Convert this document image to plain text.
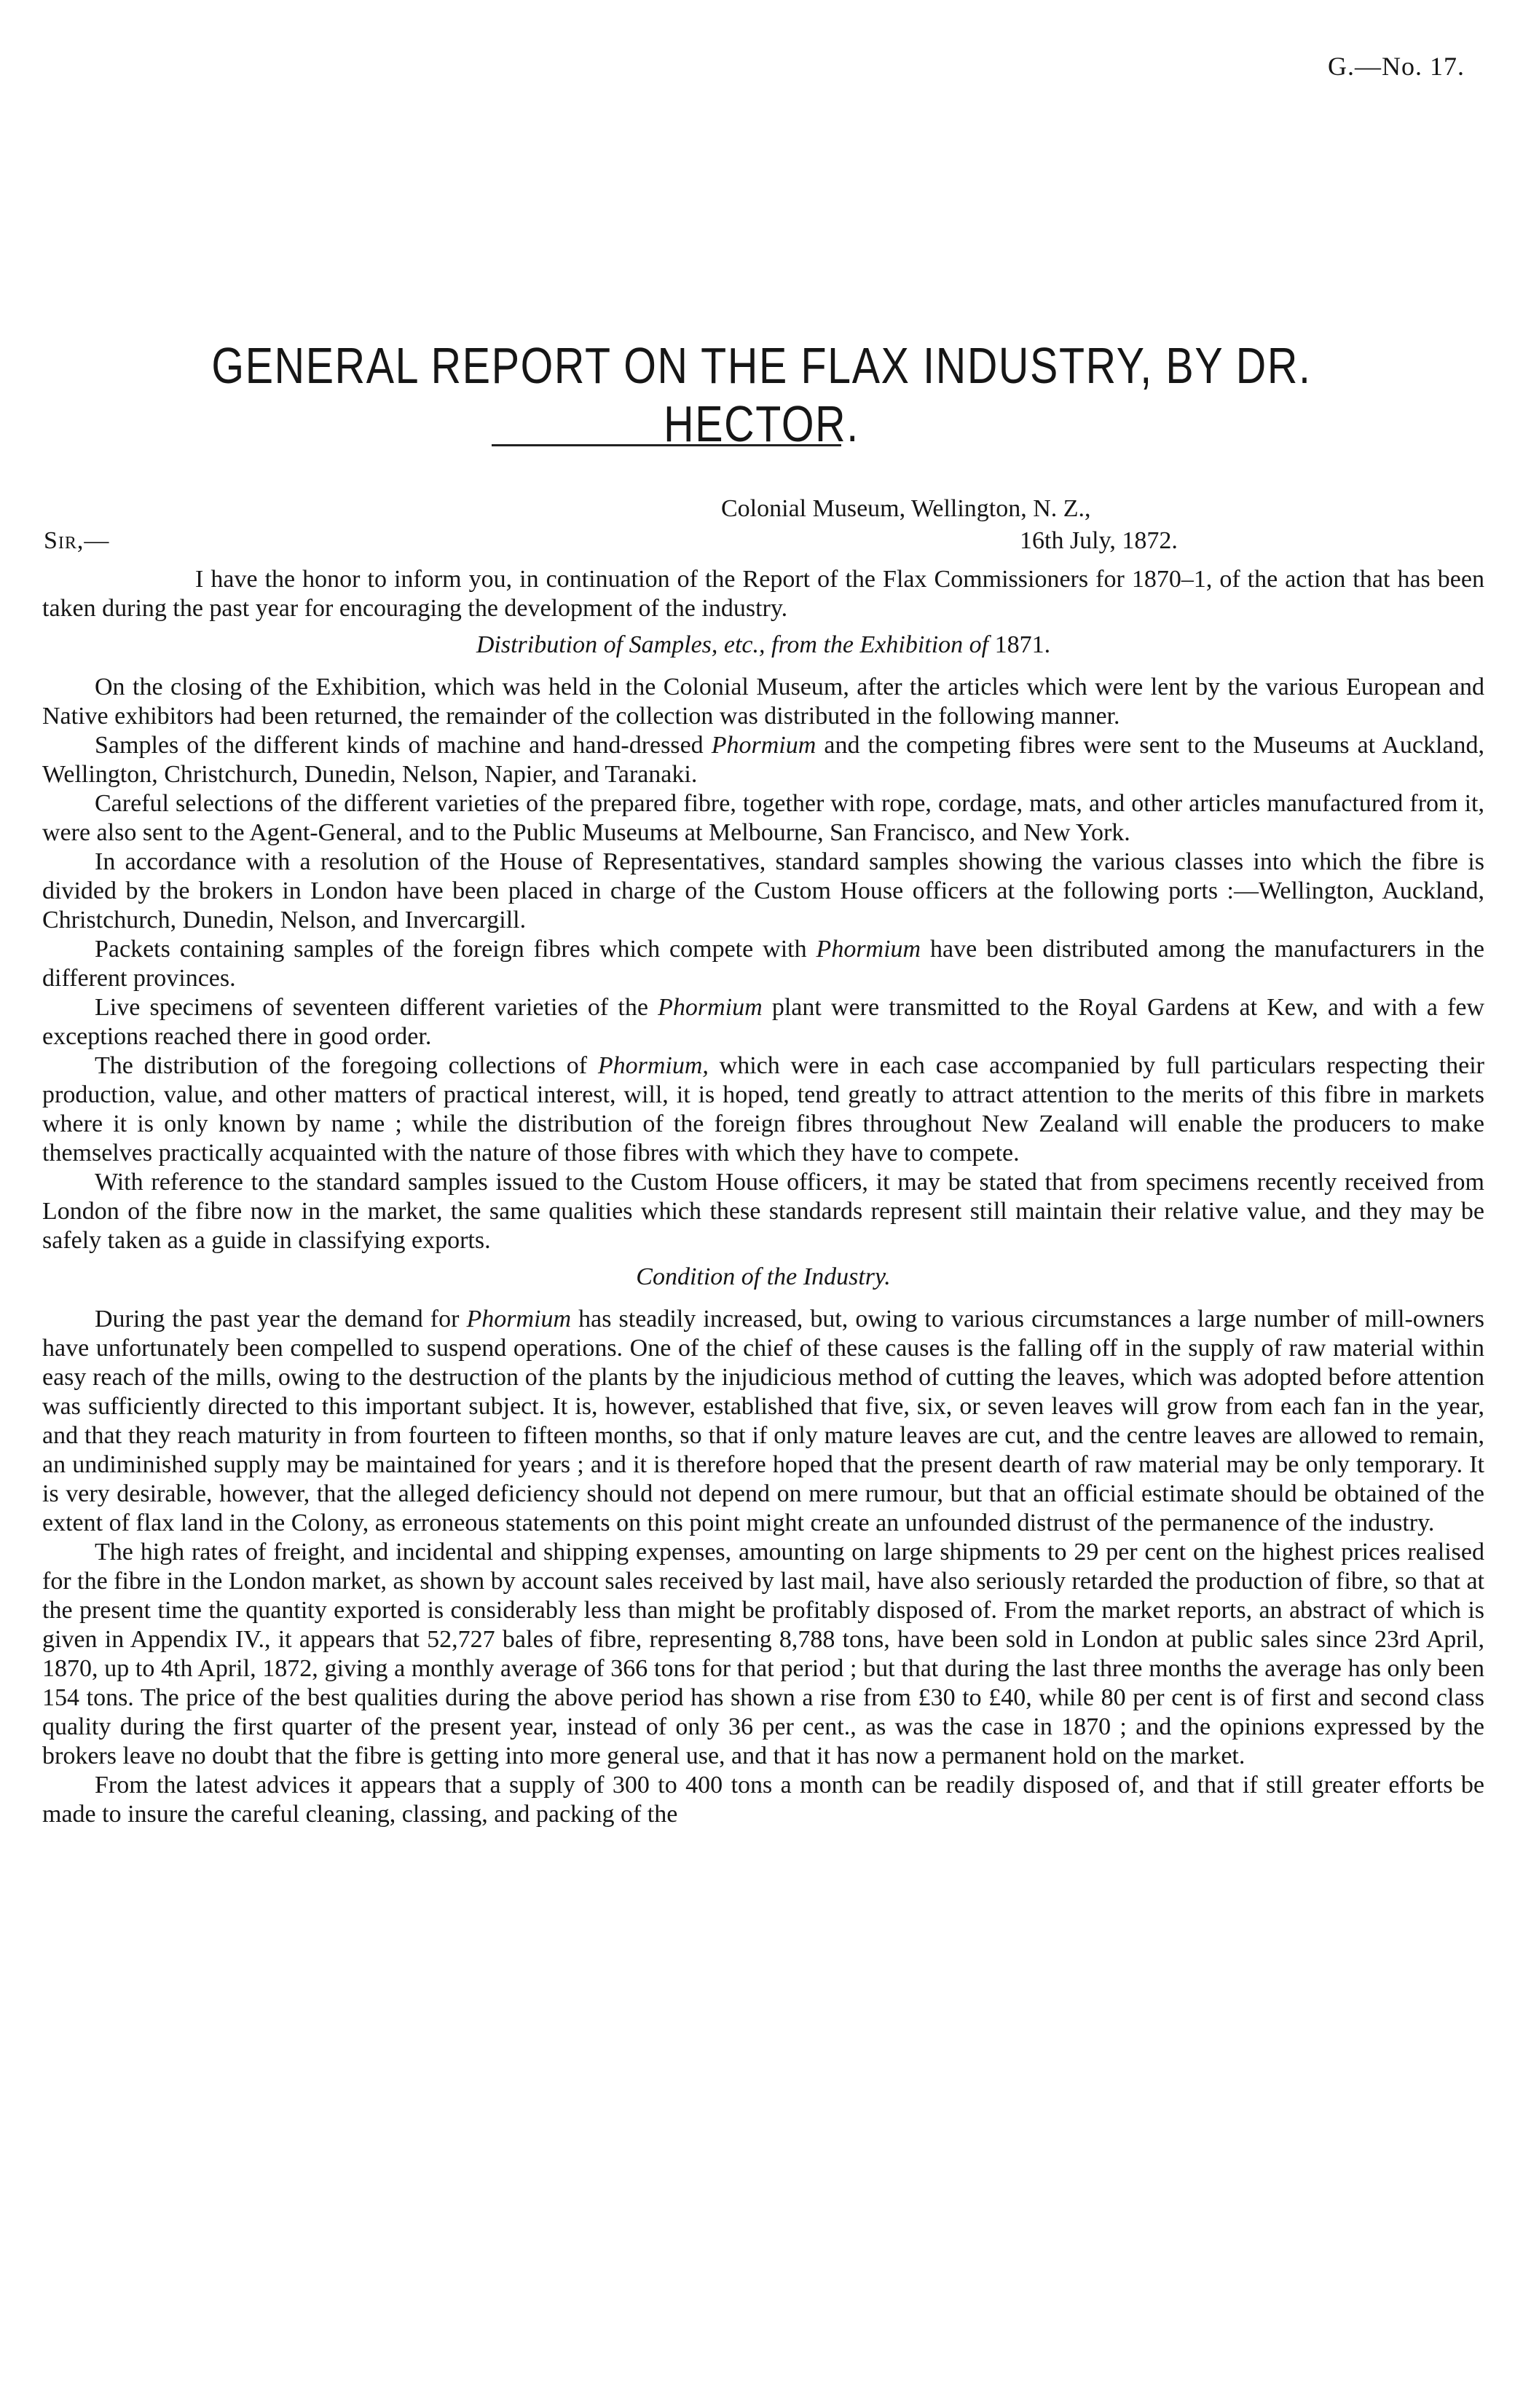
G.—No. 17.
GENERAL REPORT ON THE FLAX INDUSTRY, BY DR. HECTOR.
Colonial Museum, Wellington, N. Z.,
16th July, 1872.
Sir,—

I have the honor to inform you, in continuation of the Report of the Flax Commissioners for 1870–1, of the action that has been taken during the past year for encouraging the development of the industry.

Distribution of Samples, etc., from the Exhibition of 1871.

On the closing of the Exhibition, which was held in the Colonial Museum, after the articles which were lent by the various European and Native exhibitors had been returned, the remainder of the collection was distributed in the following manner.

Samples of the different kinds of machine and hand-dressed Phormium and the competing fibres were sent to the Museums at Auckland, Wellington, Christchurch, Dunedin, Nelson, Napier, and Taranaki.

Careful selections of the different varieties of the prepared fibre, together with rope, cordage, mats, and other articles manufactured from it, were also sent to the Agent-General, and to the Public Museums at Melbourne, San Francisco, and New York.

In accordance with a resolution of the House of Representatives, standard samples showing the various classes into which the fibre is divided by the brokers in London have been placed in charge of the Custom House officers at the following ports :—Wellington, Auckland, Christchurch, Dunedin, Nelson, and Invercargill.

Packets containing samples of the foreign fibres which compete with Phormium have been distributed among the manufacturers in the different provinces.

Live specimens of seventeen different varieties of the Phormium plant were transmitted to the Royal Gardens at Kew, and with a few exceptions reached there in good order.

The distribution of the foregoing collections of Phormium, which were in each case accompanied by full particulars respecting their production, value, and other matters of practical interest, will, it is hoped, tend greatly to attract attention to the merits of this fibre in markets where it is only known by name ; while the distribution of the foreign fibres throughout New Zealand will enable the producers to make themselves practically acquainted with the nature of those fibres with which they have to compete.

With reference to the standard samples issued to the Custom House officers, it may be stated that from specimens recently received from London of the fibre now in the market, the same qualities which these standards represent still maintain their relative value, and they may be safely taken as a guide in classifying exports.

Condition of the Industry.

During the past year the demand for Phormium has steadily increased, but, owing to various circumstances a large number of mill-owners have unfortunately been compelled to suspend operations. One of the chief of these causes is the falling off in the supply of raw material within easy reach of the mills, owing to the destruction of the plants by the injudicious method of cutting the leaves, which was adopted before attention was sufficiently directed to this important subject. It is, however, established that five, six, or seven leaves will grow from each fan in the year, and that they reach maturity in from fourteen to fifteen months, so that if only mature leaves are cut, and the centre leaves are allowed to remain, an undiminished supply may be maintained for years ; and it is therefore hoped that the present dearth of raw material may be only temporary. It is very desirable, however, that the alleged deficiency should not depend on mere rumour, but that an official estimate should be obtained of the extent of flax land in the Colony, as erroneous statements on this point might create an unfounded distrust of the permanence of the industry.

The high rates of freight, and incidental and shipping expenses, amounting on large shipments to 29 per cent on the highest prices realised for the fibre in the London market, as shown by account sales received by last mail, have also seriously retarded the production of fibre, so that at the present time the quantity exported is considerably less than might be profitably disposed of. From the market reports, an abstract of which is given in Appendix IV., it appears that 52,727 bales of fibre, representing 8,788 tons, have been sold in London at public sales since 23rd April, 1870, up to 4th April, 1872, giving a monthly average of 366 tons for that period ; but that during the last three months the average has only been 154 tons. The price of the best qualities during the above period has shown a rise from £30 to £40, while 80 per cent is of first and second class quality during the first quarter of the present year, instead of only 36 per cent., as was the case in 1870 ; and the opinions expressed by the brokers leave no doubt that the fibre is getting into more general use, and that it has now a permanent hold on the market.

From the latest advices it appears that a supply of 300 to 400 tons a month can be readily disposed of, and that if still greater efforts be made to insure the careful cleaning, classing, and packing of the
